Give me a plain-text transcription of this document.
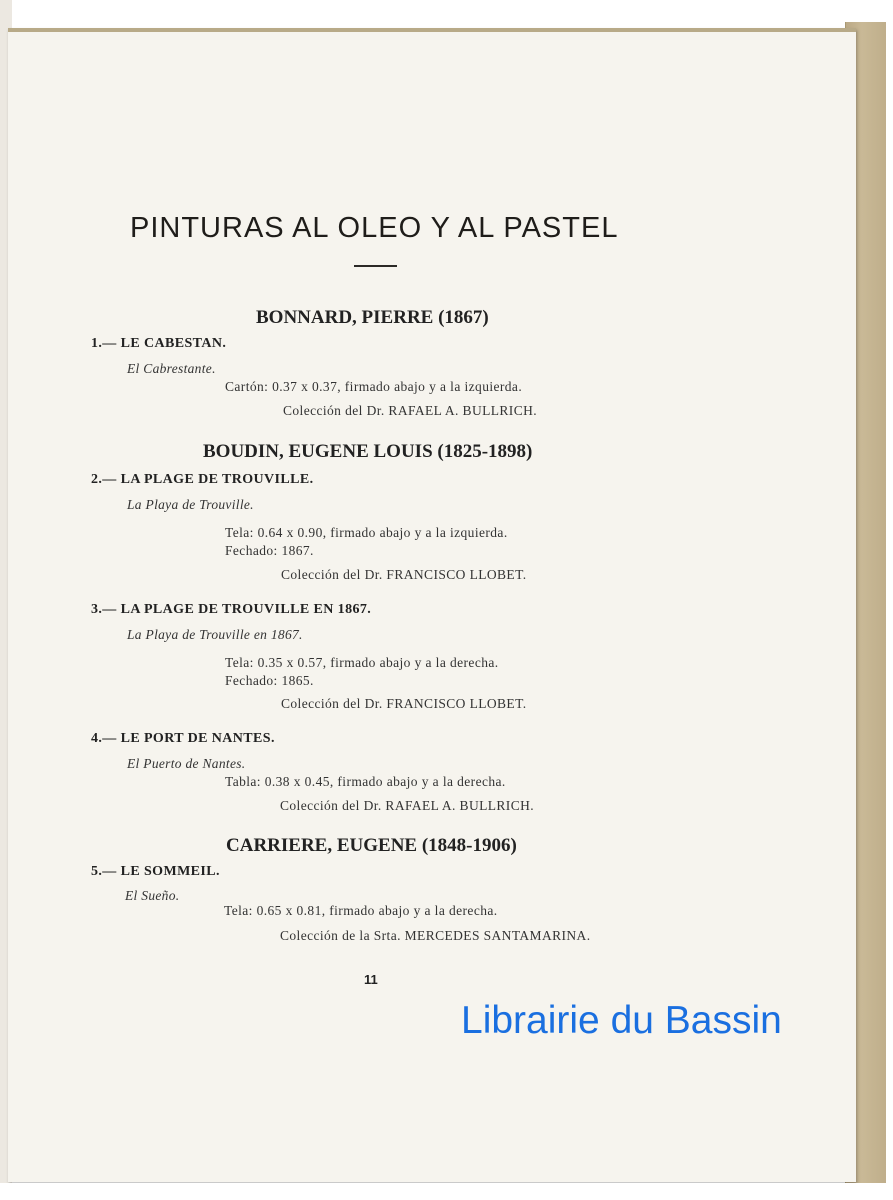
PINTURAS AL OLEO Y AL PASTEL
BONNARD, PIERRE (1867)
1.— LE CABESTAN.
El Cabrestante.
Cartón: 0.37 x 0.37, firmado abajo y a la izquierda.
Colección del Dr. RAFAEL A. BULLRICH.
BOUDIN, EUGENE LOUIS (1825-1898)
2.— LA PLAGE DE TROUVILLE.
La Playa de Trouville.
Tela: 0.64 x 0.90, firmado abajo y a la izquierda.
Fechado: 1867.
Colección del Dr. FRANCISCO LLOBET.
3.— LA PLAGE DE TROUVILLE EN 1867.
La Playa de Trouville en 1867.
Tela: 0.35 x 0.57, firmado abajo y a la derecha.
Fechado: 1865.
Colección del Dr. FRANCISCO LLOBET.
4.— LE PORT DE NANTES.
El Puerto de Nantes.
Tabla: 0.38 x 0.45, firmado abajo y a la derecha.
Colección del Dr. RAFAEL A. BULLRICH.
CARRIERE, EUGENE (1848-1906)
5.— LE SOMMEIL.
El Sueño.
Tela: 0.65 x 0.81, firmado abajo y a la derecha.
Colección de la Srta. MERCEDES SANTAMARINA.
11
Librairie du Bassin
